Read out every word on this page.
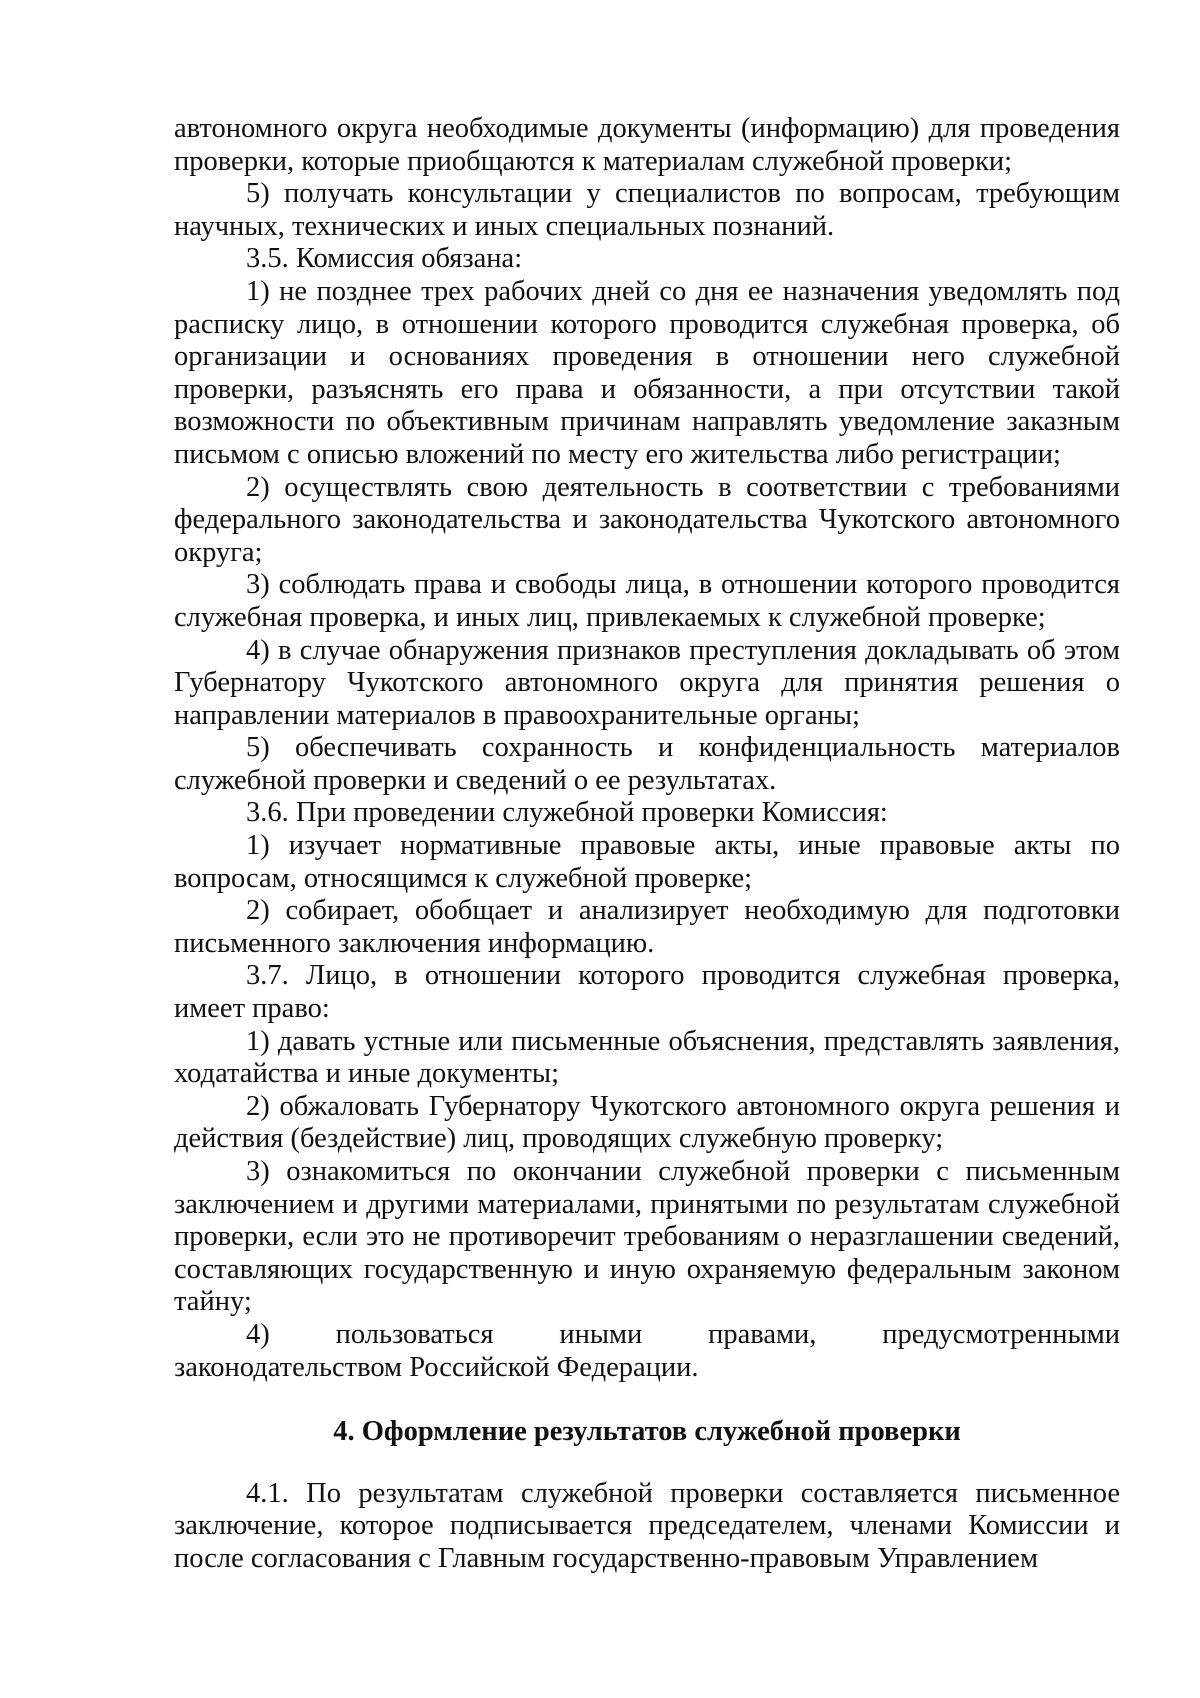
автономного округа необходимые документы (информацию) для проведения проверки, которые приобщаются к материалам служебной проверки;

5) получать консультации у специалистов по вопросам, требующим научных, технических и иных специальных познаний.

3.5. Комиссия обязана:

1) не позднее трех рабочих дней со дня ее назначения уведомлять под расписку лицо, в отношении которого проводится служебная проверка, об организации и основаниях проведения в отношении него служебной проверки, разъяснять его права и обязанности, а при отсутствии такой возможности по объективным причинам направлять уведомление заказным письмом с описью вложений по месту его жительства либо регистрации;

2) осуществлять свою деятельность в соответствии с требованиями федерального законодательства и законодательства Чукотского автономного округа;

3) соблюдать права и свободы лица, в отношении которого проводится служебная проверка, и иных лиц, привлекаемых к служебной проверке;

4) в случае обнаружения признаков преступления докладывать об этом Губернатору Чукотского автономного округа для принятия решения о направлении материалов в правоохранительные органы;

5) обеспечивать сохранность и конфиденциальность материалов служебной проверки и сведений о ее результатах.

3.6. При проведении служебной проверки Комиссия:

1) изучает нормативные правовые акты, иные правовые акты по вопросам, относящимся к служебной проверке;

2) собирает, обобщает и анализирует необходимую для подготовки письменного заключения информацию.

3.7. Лицо, в отношении которого проводится служебная проверка, имеет право:

1) давать устные или письменные объяснения, представлять заявления, ходатайства и иные документы;

2) обжаловать Губернатору Чукотского автономного округа решения и действия (бездействие) лиц, проводящих служебную проверку;

3) ознакомиться по окончании служебной проверки с письменным заключением и другими материалами, принятыми по результатам служебной проверки, если это не противоречит требованиям о неразглашении сведений, составляющих государственную и иную охраняемую федеральным законом тайну;

4) пользоваться иными правами, предусмотренными законодательством Российской Федерации.

4. Оформление результатов служебной проверки

4.1. По результатам служебной проверки составляется письменное заключение, которое подписывается председателем, членами Комиссии и после согласования с Главным государственно-правовым Управлением
